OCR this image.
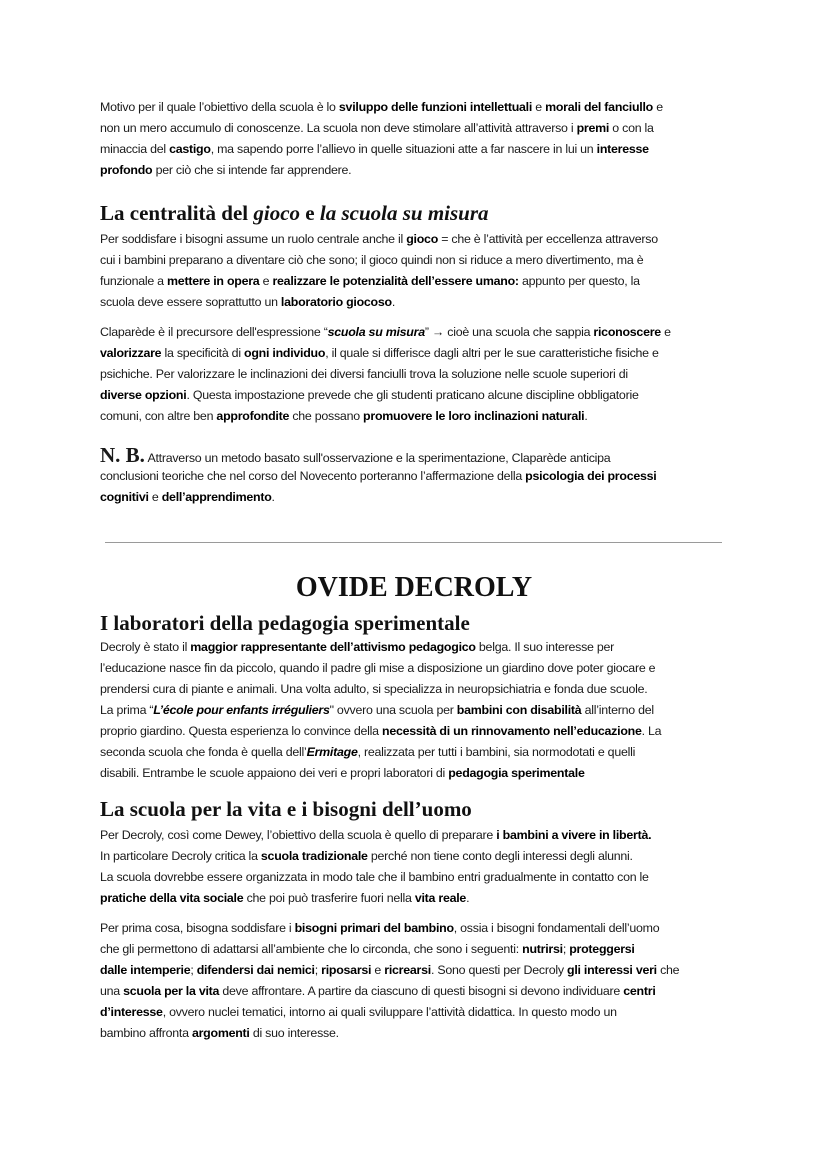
Motivo per il quale l’obiettivo della scuola è lo sviluppo delle funzioni intellettuali e morali del fanciullo e
non un mero accumulo di conoscenze. La scuola non deve stimolare all’attività attraverso i premi o con la
minaccia del castigo, ma sapendo porre l’allievo in quelle situazioni atte a far nascere in lui un interesse
profondo per ciò che si intende far apprendere.
La centralità del gioco e la scuola su misura
Per soddisfare i bisogni assume un ruolo centrale anche il gioco = che è l’attività per eccellenza attraverso
cui i bambini preparano a diventare ciò che sono; il gioco quindi non si riduce a mero divertimento, ma è
funzionale a mettere in opera e realizzare le potenzialità dell’essere umano: appunto per questo, la
scuola deve essere soprattutto un laboratorio giocoso.
Claparède è il precursore dell'espressione “scuola su misura” → cioè una scuola che sappia riconoscere e
valorizzare la specificità di ogni individuo, il quale si differisce dagli altri per le sue caratteristiche fisiche e
psichiche. Per valorizzare le inclinazioni dei diversi fanciulli trova la soluzione nelle scuole superiori di
diverse opzioni. Questa impostazione prevede che gli studenti praticano alcune discipline obbligatorie
comuni, con altre ben approfondite che possano promuovere le loro inclinazioni naturali.
N. B. Attraverso un metodo basato sull'osservazione e la sperimentazione, Claparède anticipa
conclusioni teoriche che nel corso del Novecento porteranno l’affermazione della psicologia dei processi
cognitivi e dell’apprendimento.
OVIDE DECROLY
I laboratori della pedagogia sperimentale
Decroly è stato il maggior rappresentante dell’attivismo pedagogico belga. Il suo interesse per
l’educazione nasce fin da piccolo, quando il padre gli mise a disposizione un giardino dove poter giocare e
prendersi cura di piante e animali. Una volta adulto, si specializza in neuropsichiatria e fonda due scuole.
La prima “L’école pour enfants irréguliers" ovvero una scuola per bambini con disabilità all’interno del
proprio giardino. Questa esperienza lo convince della necessità di un rinnovamento nell’educazione. La
seconda scuola che fonda è quella dell’Ermitage, realizzata per tutti i bambini, sia normodotati e quelli
disabili. Entrambe le scuole appaiono dei veri e propri laboratori di pedagogia sperimentale
La scuola per la vita e i bisogni dell’uomo
Per Decroly, così come Dewey, l’obiettivo della scuola è quello di preparare i bambini a vivere in libertà.
In particolare Decroly critica la scuola tradizionale perché non tiene conto degli interessi degli alunni.
La scuola dovrebbe essere organizzata in modo tale che il bambino entri gradualmente in contatto con le
pratiche della vita sociale che poi può trasferire fuori nella vita reale.
Per prima cosa, bisogna soddisfare i bisogni primari del bambino, ossia i bisogni fondamentali dell’uomo
che gli permettono di adattarsi all’ambiente che lo circonda, che sono i seguenti: nutrirsi; proteggersi
dalle intemperie; difendersi dai nemici; riposarsi e ricrearsi. Sono questi per Decroly gli interessi veri che
una scuola per la vita deve affrontare. A partire da ciascuno di questi bisogni si devono individuare centri
d’interesse, ovvero nuclei tematici, intorno ai quali sviluppare l’attività didattica. In questo modo un
bambino affronta argomenti di suo interesse.
